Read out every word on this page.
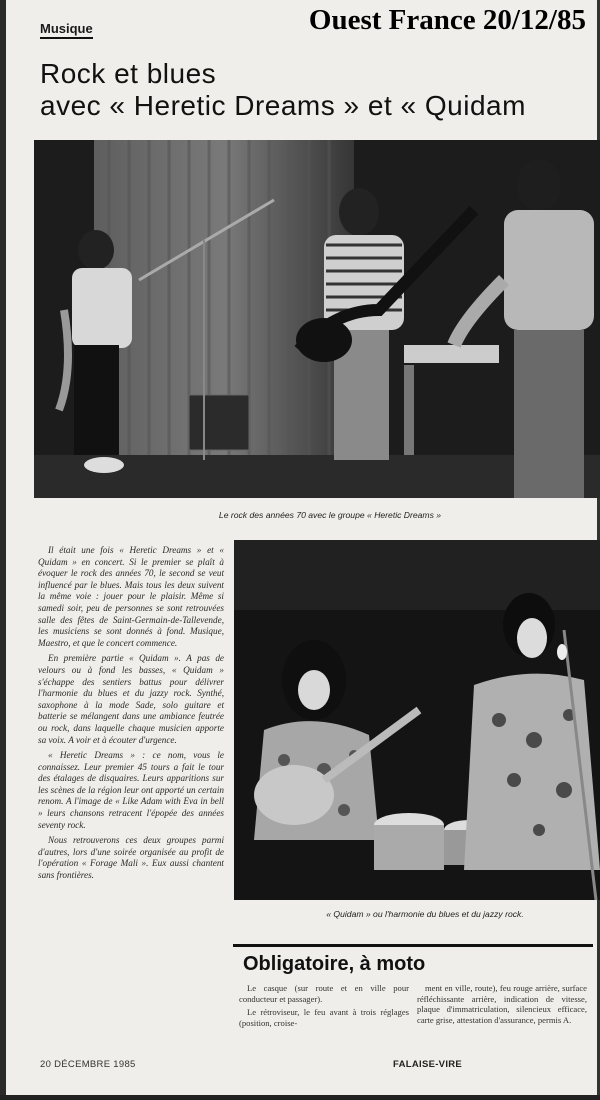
Musique	Ouest France 20/12/85
Rock et blues
avec « Heretic Dreams » et « Quidam
Le rock des années 70 avec le groupe « Heretic Dreams »
« Quidam » ou l'harmonie du blues et du jazzy rock.

Il était une fois « Heretic Dreams » et « Quidam » en concert. Si le premier se plaît à évoquer le rock des années 70, le second se veut influencé par le blues. Mais tous les deux suivent la même voie : jouer pour le plaisir. Même si samedi soir, peu de personnes se sont retrouvées salle des fêtes de Saint-Germain-de-Tallevende, les musiciens se sont donnés à fond. Musique, Maestro, et que le concert commence.

En première partie « Quidam ». A pas de velours ou à fond les basses, « Quidam » s'échappe des sentiers battus pour délivrer l'harmonie du blues et du jazzy rock. Synthé, saxophone à la mode Sade, solo guitare et batterie se mélangent dans une ambiance feutrée ou rock, dans laquelle chaque musicien apporte sa voix. A voir et à écouter d'urgence.

« Heretic Dreams » : ce nom, vous le connaissez. Leur premier 45 tours a fait le tour des étalages de disquaires. Leurs apparitions sur les scènes de la région leur ont apporté un certain renom. A l'image de « Like Adam with Eva in bell » leurs chansons retracent l'épopée des années seventy rock.

Nous retrouverons ces deux groupes parmi d'autres, lors d'une soirée organisée au profit de l'opération « Forage Mali ». Eux aussi chantent sans frontières.

Obligatoire, à moto

Le casque (sur route et en ville pour conducteur et passager).

Le rétroviseur, le feu avant à trois réglages (position, croise-

ment en ville, route), feu rouge arrière, surface réfléchissante arrière, indication de vitesse, plaque d'immatriculation, silencieux efficace, carte grise, attestation d'assurance, permis A.

20 DÉCEMBRE 1985	FALAISE-VIRE
